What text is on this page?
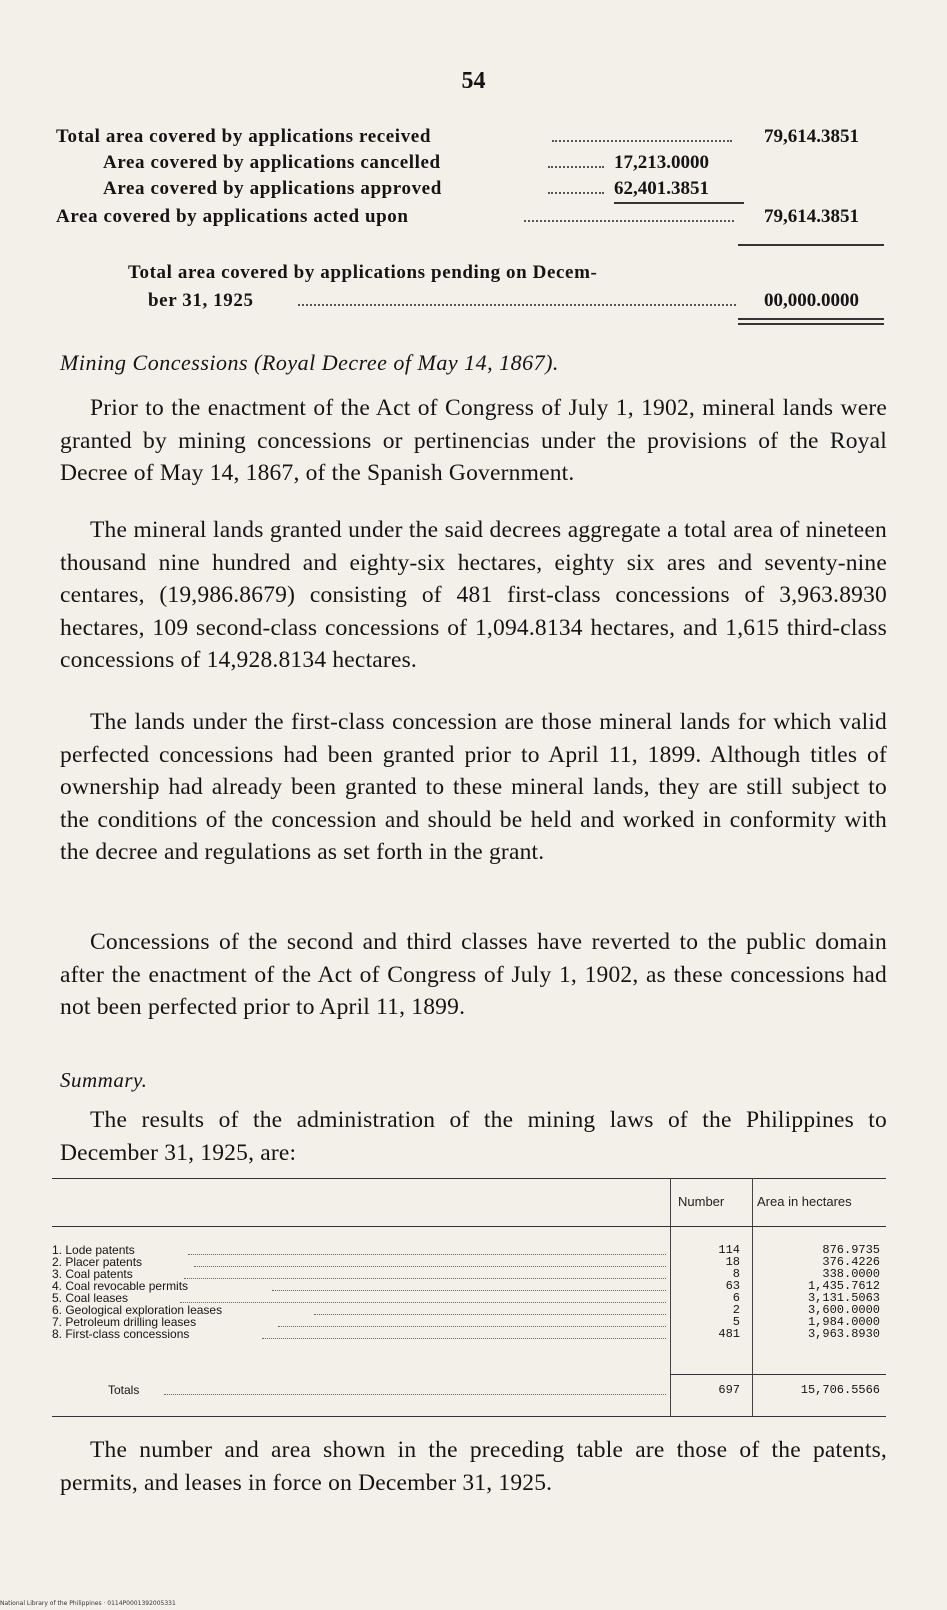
54
Total area covered by applications received	79,614.3851
Area covered by applications cancelled	17,213.0000
Area covered by applications approved	62,401.3851
Area covered by applications acted upon	79,614.3851
Total area covered by applications pending on Decem-
ber 31, 1925	00,000.0000
Mining Concessions (Royal Decree of May 14, 1867).

Prior to the enactment of the Act of Congress of July 1, 1902, mineral lands were granted by mining concessions or pertinencias under the provisions of the Royal Decree of May 14, 1867, of the Spanish Government.

The mineral lands granted under the said decrees aggregate a total area of nineteen thousand nine hundred and eighty-six hectares, eighty six ares and seventy-nine centares, (19,986.8679) consisting of 481 first-class concessions of 3,963.8930 hectares, 109 second-class concessions of 1,094.8134 hectares, and 1,615 third-class concessions of 14,928.8134 hectares.

The lands under the first-class concession are those mineral lands for which valid perfected concessions had been granted prior to April 11, 1899. Although titles of ownership had already been granted to these mineral lands, they are still subject to the conditions of the concession and should be held and worked in conformity with the decree and regulations as set forth in the grant.

Concessions of the second and third classes have reverted to the public domain after the enactment of the Act of Congress of July 1, 1902, as these concessions had not been perfected prior to April 11, 1899.

Summary.

The results of the administration of the mining laws of the Philippines to December 31, 1925, are:

Number	Area in hectares
1. Lode patents	114	876.9735
2. Placer patents	18	376.4226
3. Coal patents	8	338.0000
4. Coal revocable permits	63	1,435.7612
5. Coal leases	6	3,131.5063
6. Geological exploration leases	2	3,600.0000
7. Petroleum drilling leases	5	1,984.0000
8. First-class concessions	481	3,963.8930
Totals	697	15,706.5566

The number and area shown in the preceding table are those of the patents, permits, and leases in force on December 31, 1925.

National Library of the Philippines · 0114P0001392005331
